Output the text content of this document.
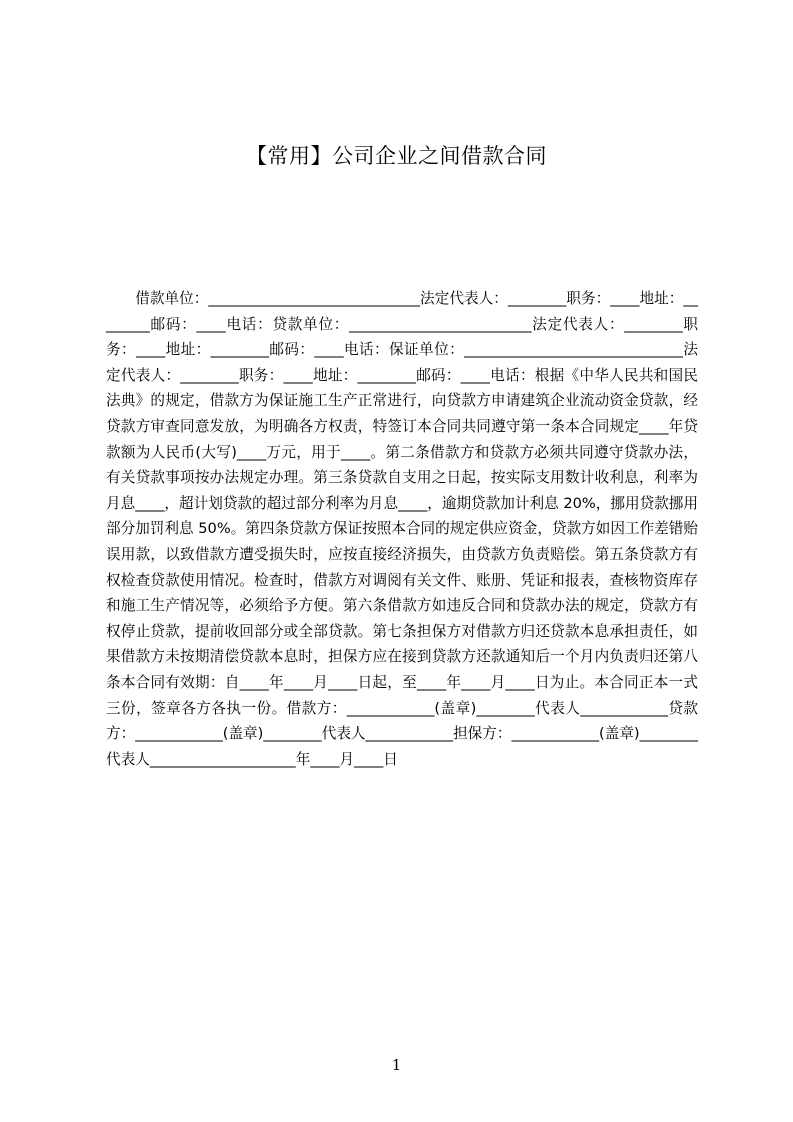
【常用】公司企业之间借款合同

借款单位：_____________________________法定代表人：________职务：____地址：________邮码：____电话：贷款单位：_________________________法定代表人：________职务：____地址：________邮码：____电话：保证单位：______________________________法定代表人：________职务：____地址：________邮码：____电话：根据《中华人民共和国民法典》的规定，借款方为保证施工生产正常进行，向贷款方申请建筑企业流动资金贷款，经贷款方审查同意发放，为明确各方权责，特签订本合同共同遵守第一条本合同规定____年贷款额为人民币(大写)____万元，用于____。第二条借款方和贷款方必须共同遵守贷款办法，有关贷款事项按办法规定办理。第三条贷款自支用之日起，按实际支用数计收利息，利率为月息____，超计划贷款的超过部分利率为月息____，逾期贷款加计利息 20%，挪用贷款挪用部分加罚利息 50%。第四条贷款方保证按照本合同的规定供应资金，贷款方如因工作差错贻误用款，以致借款方遭受损失时，应按直接经济损失，由贷款方负责赔偿。第五条贷款方有权检查贷款使用情况。检查时，借款方对调阅有关文件、账册、凭证和报表，查核物资库存和施工生产情况等，必须给予方便。第六条借款方如违反合同和贷款办法的规定，贷款方有权停止贷款，提前收回部分或全部贷款。第七条担保方对借款方归还贷款本息承担责任，如果借款方未按期清偿贷款本息时，担保方应在接到贷款方还款通知后一个月内负责归还第八条本合同有效期：自____年____月____日起，至____年____月____日为止。本合同正本一式三份，签章各方各执一份。借款方：____________(盖章)________代表人____________贷款方：____________(盖章)________代表人____________担保方：____________(盖章)________代表人____________________年____月____日

1
